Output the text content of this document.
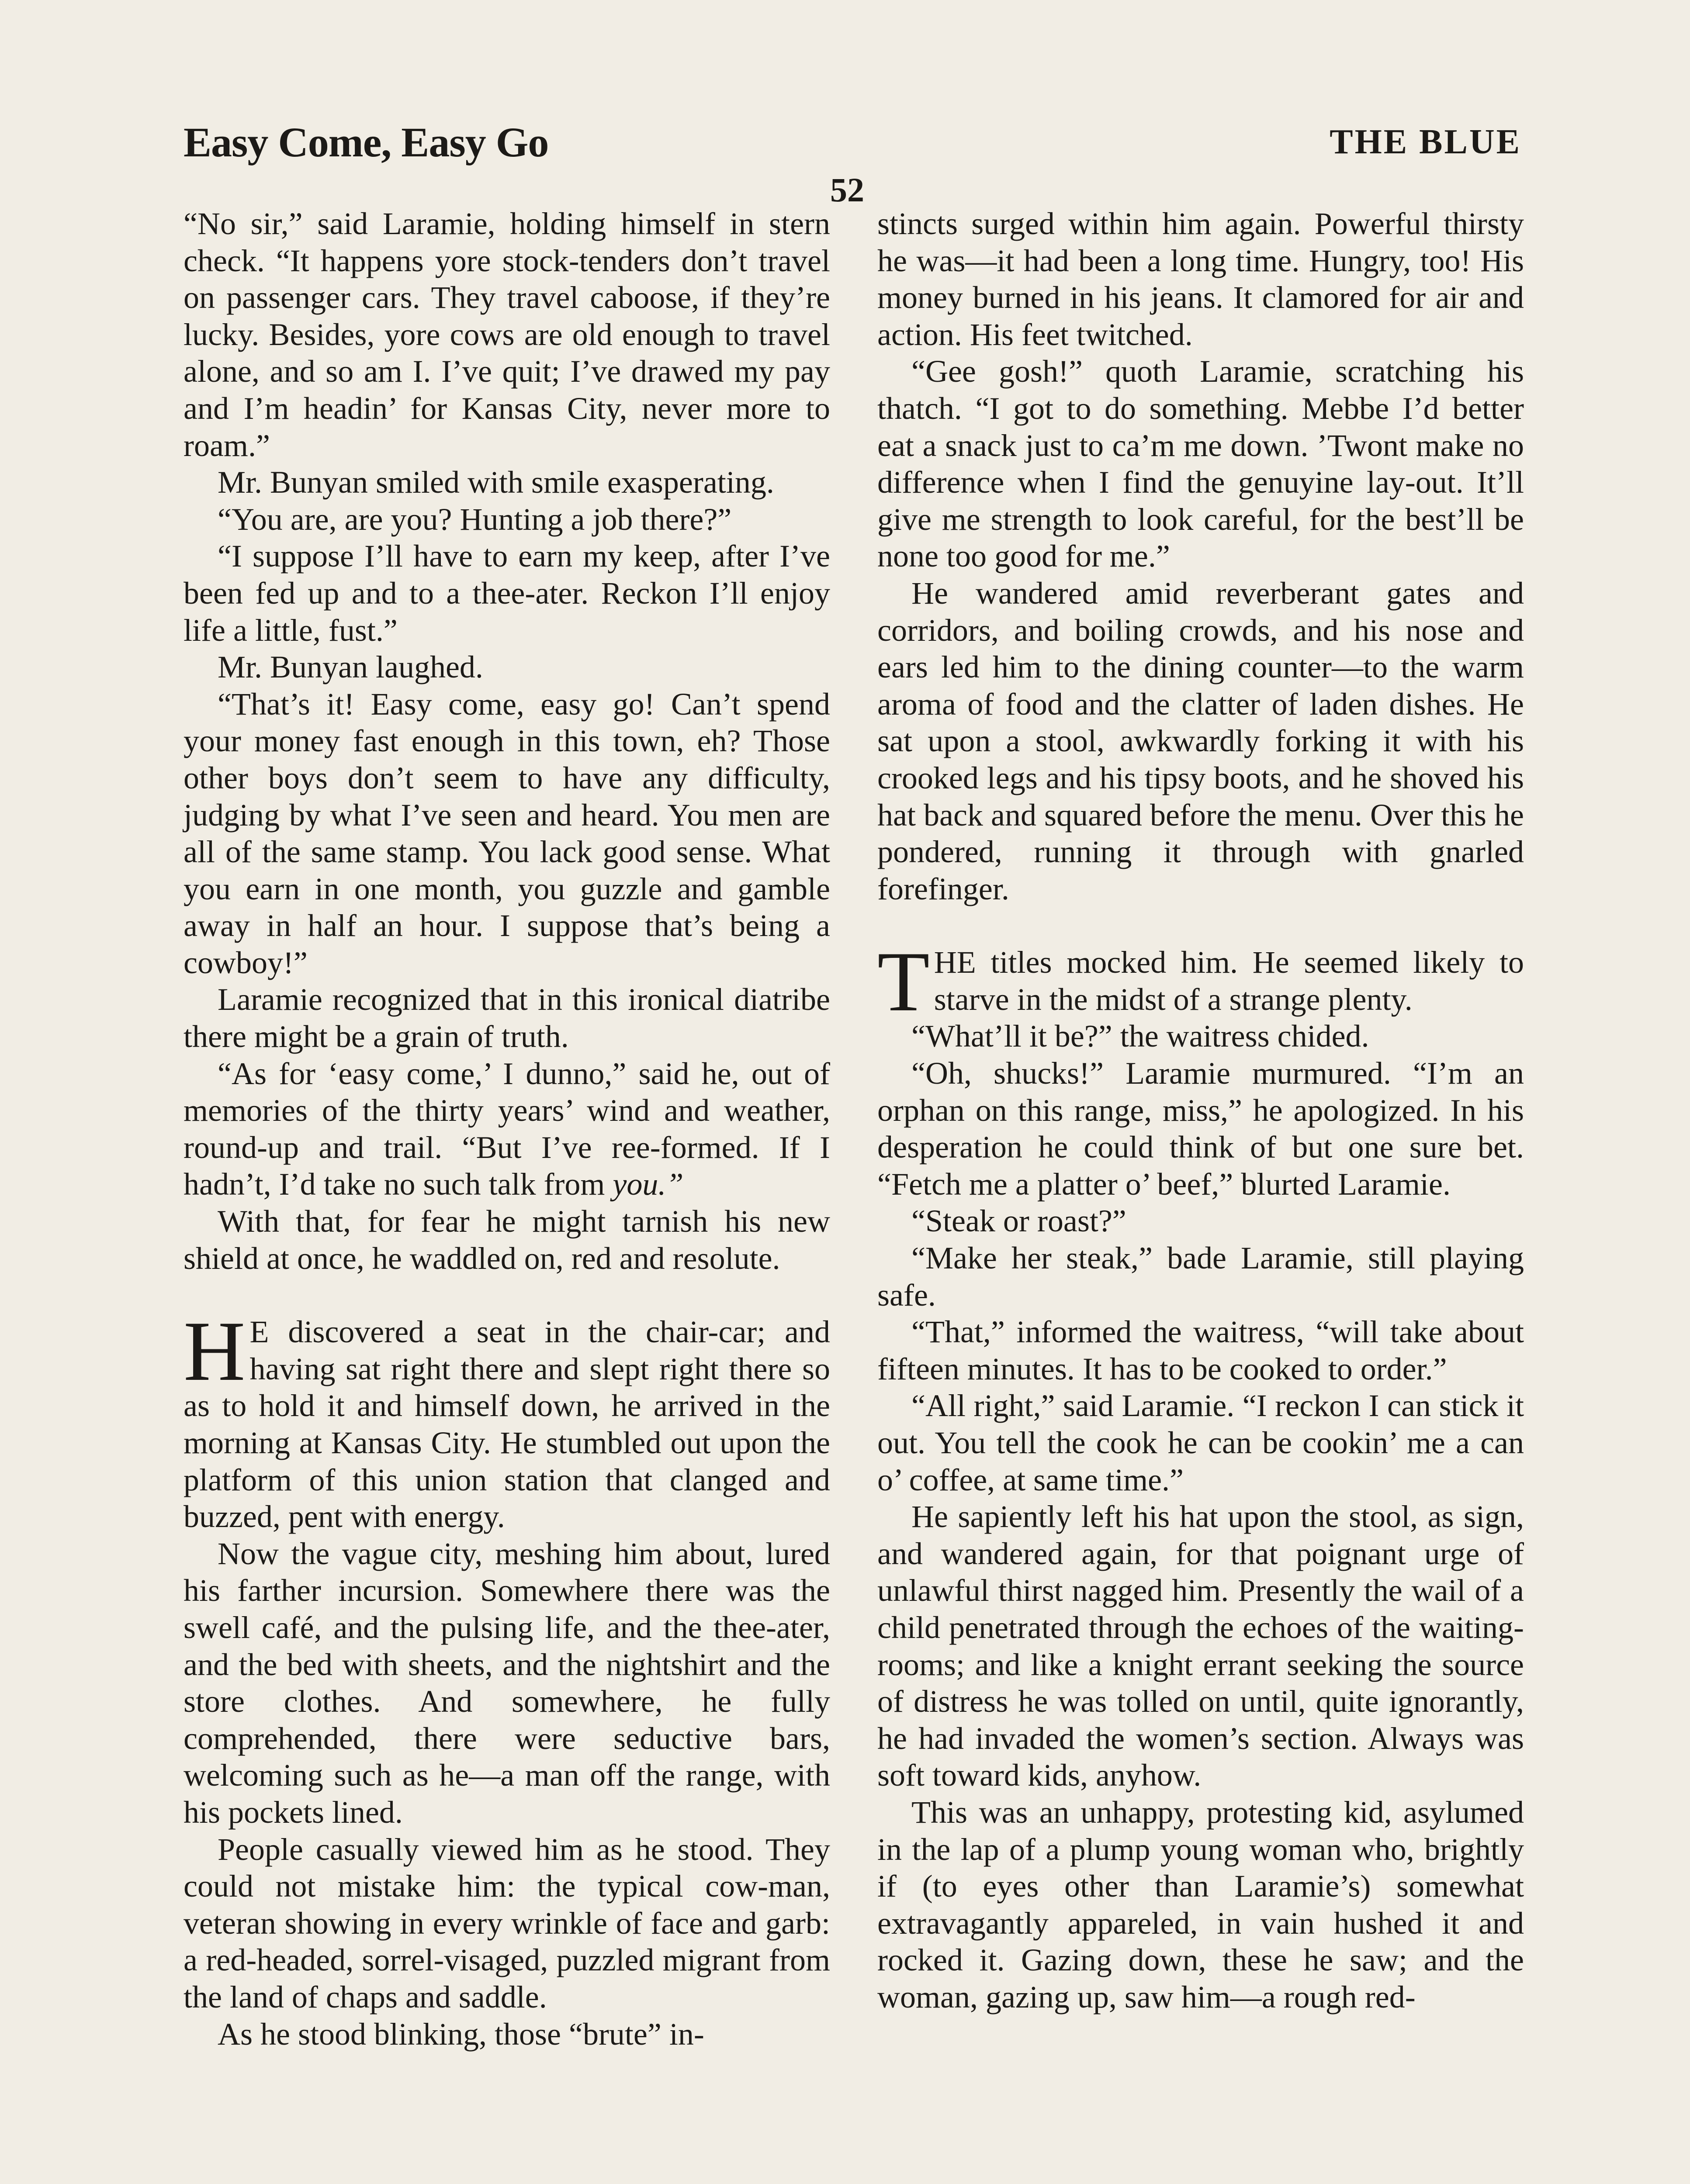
Easy Come, Easy Go	THE BLUE
52

“No sir,” said Laramie, holding himself in stern check. “It happens yore stock-tenders don’t travel on passenger cars. They travel caboose, if they’re lucky. Besides, yore cows are old enough to travel alone, and so am I. I’ve quit; I’ve drawed my pay and I’m headin’ for Kansas City, never more to roam.”

Mr. Bunyan smiled with smile exasperating.

“You are, are you? Hunting a job there?”

“I suppose I’ll have to earn my keep, after I’ve been fed up and to a thee-ater. Reckon I’ll enjoy life a little, fust.”

Mr. Bunyan laughed.

“That’s it! Easy come, easy go! Can’t spend your money fast enough in this town, eh? Those other boys don’t seem to have any difficulty, judging by what I’ve seen and heard. You men are all of the same stamp. You lack good sense. What you earn in one month, you guzzle and gamble away in half an hour. I suppose that’s being a cowboy!”

Laramie recognized that in this ironical diatribe there might be a grain of truth.

“As for ‘easy come,’ I dunno,” said he, out of memories of the thirty years’ wind and weather, round-up and trail. “But I’ve ree-formed. If I hadn’t, I’d take no such talk from you.”

With that, for fear he might tarnish his new shield at once, he waddled on, red and resolute.

H E discovered a seat in the chair-car; and having sat right there and slept right there so as to hold it and himself down, he arrived in the morning at Kansas City. He stumbled out upon the platform of this union station that clanged and buzzed, pent with energy.

Now the vague city, meshing him about, lured his farther incursion. Somewhere there was the swell café, and the pulsing life, and the thee-ater, and the bed with sheets, and the nightshirt and the store clothes. And somewhere, he fully comprehended, there were seductive bars, welcoming such as he—a man off the range, with his pockets lined.

People casually viewed him as he stood. They could not mistake him: the typical cow-man, veteran showing in every wrinkle of face and garb: a red-headed, sorrel-visaged, puzzled migrant from the land of chaps and saddle.

As he stood blinking, those “brute” in-

stincts surged within him again. Powerful thirsty he was—it had been a long time. Hungry, too! His money burned in his jeans. It clamored for air and action. His feet twitched.

“Gee gosh!” quoth Laramie, scratching his thatch. “I got to do something. Mebbe I’d better eat a snack just to ca’m me down. ’Twont make no difference when I find the genuyine lay-out. It’ll give me strength to look careful, for the best’ll be none too good for me.”

He wandered amid reverberant gates and corridors, and boiling crowds, and his nose and ears led him to the dining counter—to the warm aroma of food and the clatter of laden dishes. He sat upon a stool, awkwardly forking it with his crooked legs and his tipsy boots, and he shoved his hat back and squared before the menu. Over this he pondered, running it through with gnarled forefinger.

THE titles mocked him. He seemed likely to starve in the midst of a strange plenty.

“What’ll it be?” the waitress chided.

“Oh, shucks!” Laramie murmured. “I’m an orphan on this range, miss,” he apologized. In his desperation he could think of but one sure bet. “Fetch me a platter o’ beef,” blurted Laramie.

“Steak or roast?”

“Make her steak,” bade Laramie, still playing safe.

“That,” informed the waitress, “will take about fifteen minutes. It has to be cooked to order.”

“All right,” said Laramie. “I reckon I can stick it out. You tell the cook he can be cookin’ me a can o’ coffee, at same time.”

He sapiently left his hat upon the stool, as sign, and wandered again, for that poignant urge of unlawful thirst nagged him. Presently the wail of a child penetrated through the echoes of the waiting-rooms; and like a knight errant seeking the source of distress he was tolled on until, quite ignorantly, he had invaded the women’s section. Always was soft toward kids, anyhow.

This was an unhappy, protesting kid, asylumed in the lap of a plump young woman who, brightly if (to eyes other than Laramie’s) somewhat extravagantly appareled, in vain hushed it and rocked it. Gazing down, these he saw; and the woman, gazing up, saw him—a rough red-
